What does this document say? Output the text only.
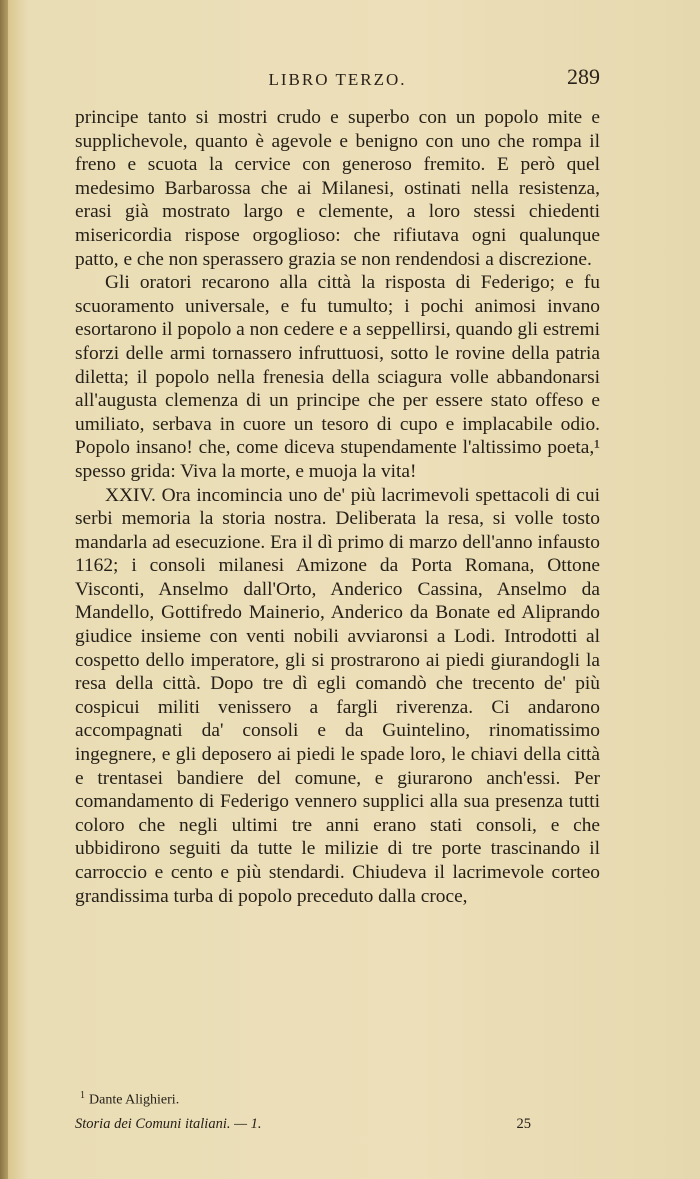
LIBRO TERZO.	289

principe tanto si mostri crudo e superbo con un popolo mite e supplichevole, quanto è agevole e benigno con uno che rompa il freno e scuota la cervice con generoso fremito. E però quel medesimo Barbarossa che ai Milanesi, ostinati nella resistenza, erasi già mostrato largo e clemente, a loro stessi chiedenti misericordia rispose orgoglioso: che rifiutava ogni qualunque patto, e che non sperassero grazia se non rendendosi a discrezione.

Gli oratori recarono alla città la risposta di Federigo; e fu scuoramento universale, e fu tumulto; i pochi animosi invano esortarono il popolo a non cedere e a seppellirsi, quando gli estremi sforzi delle armi tornassero infruttuosi, sotto le rovine della patria diletta; il popolo nella frenesia della sciagura volle abbandonarsi all'augusta clemenza di un principe che per essere stato offeso e umiliato, serbava in cuore un tesoro di cupo e implacabile odio. Popolo insano! che, come diceva stupendamente l'altissimo poeta,¹ spesso grida: Viva la morte, e muoja la vita!

XXIV. Ora incomincia uno de' più lacrimevoli spettacoli di cui serbi memoria la storia nostra. Deliberata la resa, si volle tosto mandarla ad esecuzione. Era il dì primo di marzo dell'anno infausto 1162; i consoli milanesi Amizone da Porta Romana, Ottone Visconti, Anselmo dall'Orto, Anderico Cassina, Anselmo da Mandello, Gottifredo Mainerio, Anderico da Bonate ed Aliprando giudice insieme con venti nobili avviaronsi a Lodi. Introdotti al cospetto dello imperatore, gli si prostrarono ai piedi giurandogli la resa della città. Dopo tre dì egli comandò che trecento de' più cospicui militi venissero a fargli riverenza. Ci andarono accompagnati da' consoli e da Guintelino, rinomatissimo ingegnere, e gli deposero ai piedi le spade loro, le chiavi della città e trentasei bandiere del comune, e giurarono anch'essi. Per comandamento di Federigo vennero supplici alla sua presenza tutti coloro che negli ultimi tre anni erano stati consoli, e che ubbidirono seguiti da tutte le milizie di tre porte trascinando il carroccio e cento e più stendardi. Chiudeva il lacrimevole corteo grandissima turba di popolo preceduto dalla croce,

$^1$ Dante Alighieri.
Storia dei Comuni italiani. — 1.	25
